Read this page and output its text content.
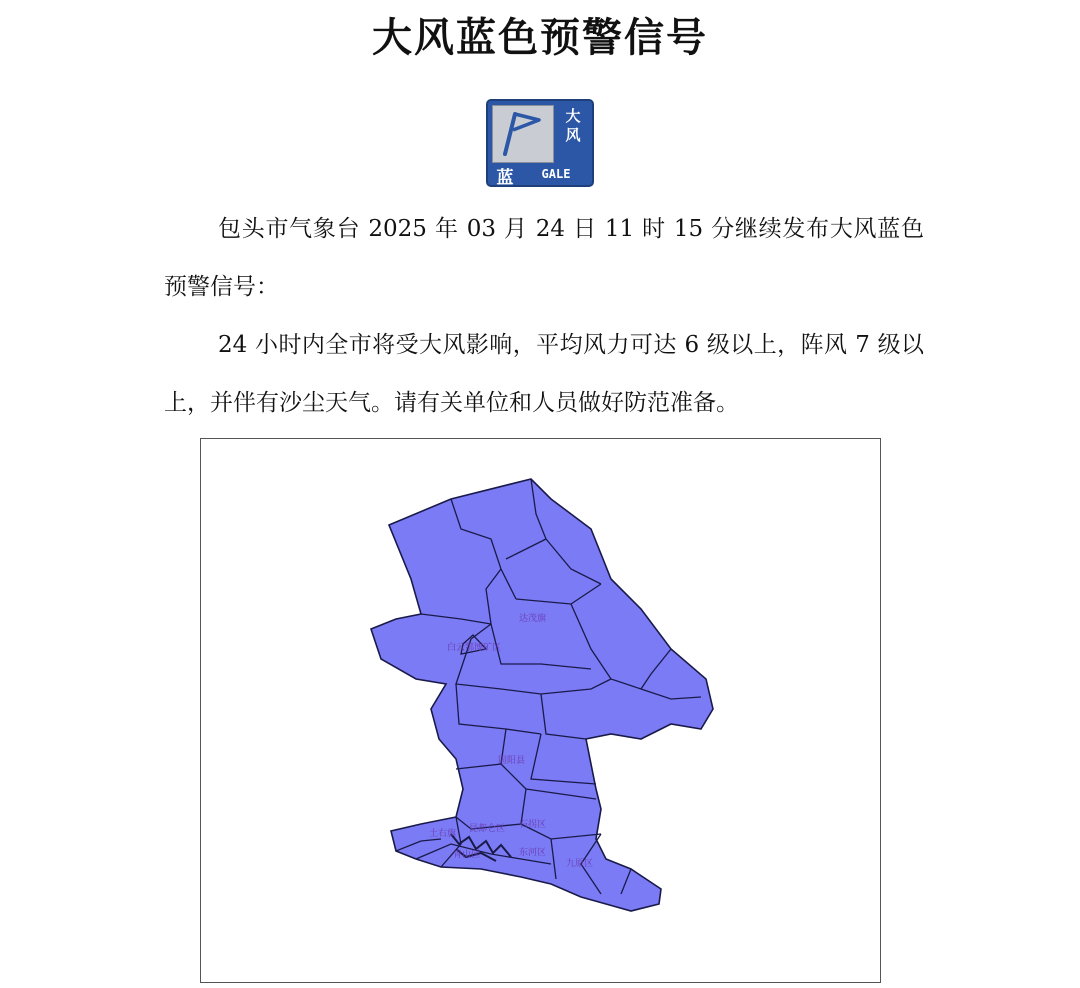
大风蓝色预警信号
大
风
蓝	GALE

包头市气象台 2025 年 03 月 24 日 11 时 15 分继续发布大风蓝色预警信号：

24 小时内全市将受大风影响，平均风力可达 6 级以上，阵风 7 级以上，并伴有沙尘天气。请有关单位和人员做好防范准备。

达茂旗
白云鄂博矿区
固阳县
石拐区
土右旗 昆都仑区
东河区
九原区
青山区
